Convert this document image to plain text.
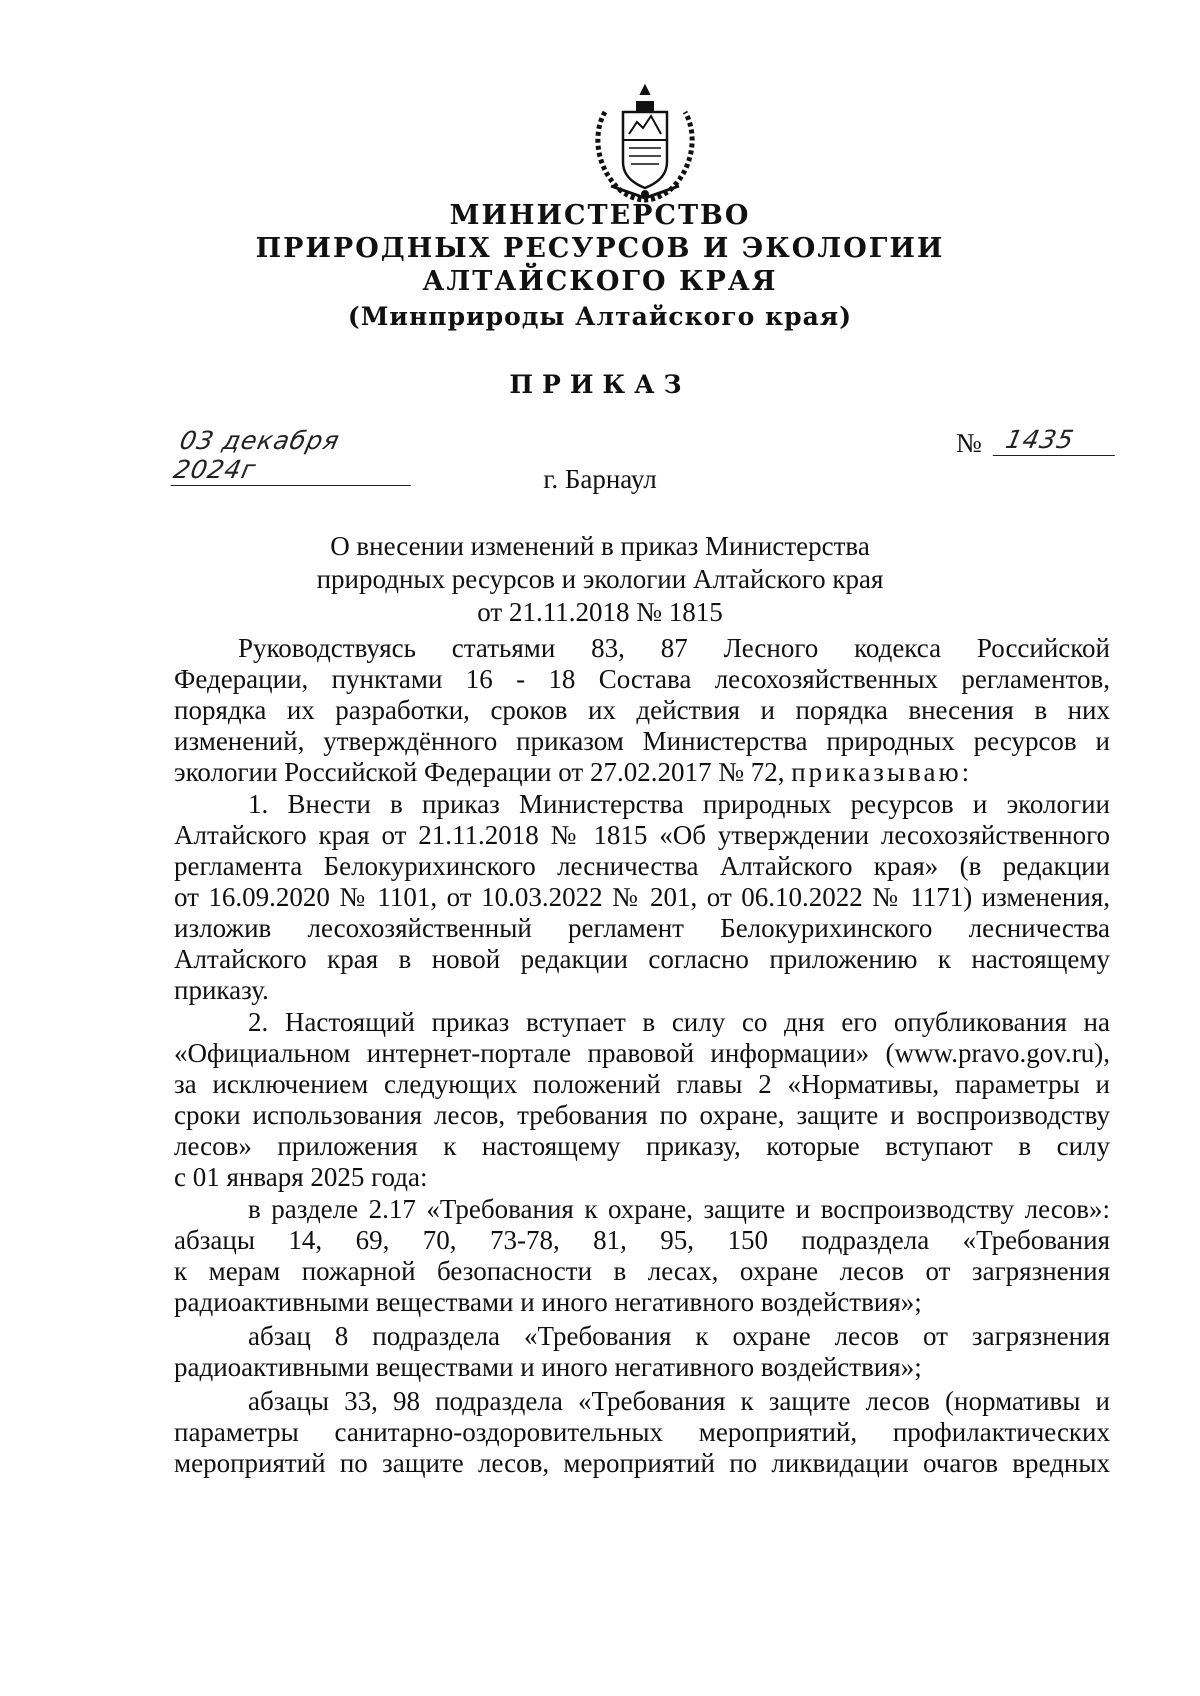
МИНИСТЕРСТВО
ПРИРОДНЫХ РЕСУРСОВ И ЭКОЛОГИИ
АЛТАЙСКОГО КРАЯ
(Минприроды Алтайского края)
ПРИКАЗ
03 декабря 2024г
№ 1435
г. Барнаул
О внесении изменений в приказ Министерства
природных ресурсов и экологии Алтайского края
от 21.11.2018 № 1815
Руководствуясь статьями 83, 87 Лесного кодекса Российской
Федерации, пунктами 16 - 18 Состава лесохозяйственных регламентов,
порядка их разработки, сроков их действия и порядка внесения в них
изменений, утверждённого приказом Министерства природных ресурсов и
экологии Российской Федерации от 27.02.2017 № 72, приказываю:
1. Внести в приказ Министерства природных ресурсов и экологии
Алтайского края от 21.11.2018 № 1815 «Об утверждении лесохозяйственного
регламента Белокурихинского лесничества Алтайского края» (в редакции
от 16.09.2020 № 1101, от 10.03.2022 № 201, от 06.10.2022 № 1171) изменения,
изложив лесохозяйственный регламент Белокурихинского лесничества
Алтайского края в новой редакции согласно приложению к настоящему
приказу.
2. Настоящий приказ вступает в силу со дня его опубликования на
«Официальном интернет-портале правовой информации» (www.pravo.gov.ru),
за исключением следующих положений главы 2 «Нормативы, параметры и
сроки использования лесов, требования по охране, защите и воспроизводству
лесов» приложения к настоящему приказу, которые вступают в силу
с 01 января 2025 года:
в разделе 2.17 «Требования к охране, защите и воспроизводству лесов»:
абзацы 14, 69, 70, 73-78, 81, 95, 150 подраздела «Требования
к мерам пожарной безопасности в лесах, охране лесов от загрязнения
радиоактивными веществами и иного негативного воздействия»;
абзац 8 подраздела «Требования к охране лесов от загрязнения
радиоактивными веществами и иного негативного воздействия»;
абзацы 33, 98 подраздела «Требования к защите лесов (нормативы и
параметры санитарно-оздоровительных мероприятий, профилактических
мероприятий по защите лесов, мероприятий по ликвидации очагов вредных
